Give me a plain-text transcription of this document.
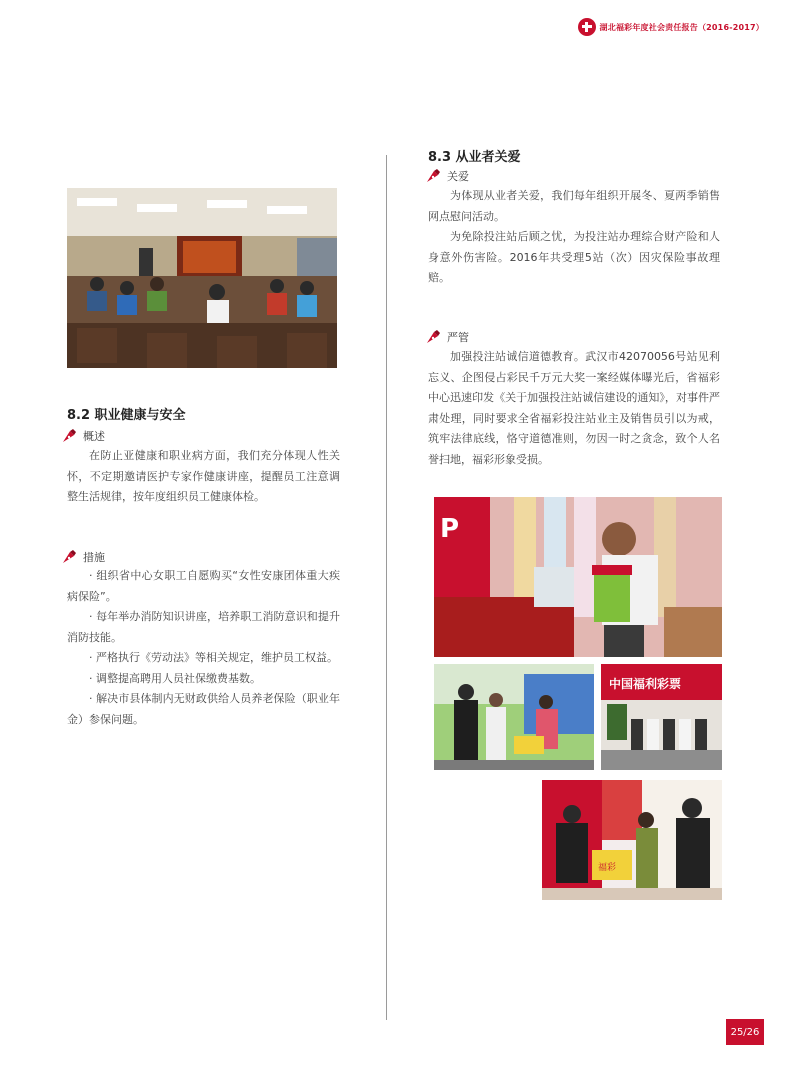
湖北福彩年度社会责任报告（2016-2017）
8.3 从业者关爱
关爱

为体现从业者关爱，我们每年组织开展冬、夏两季销售网点慰问活动。

为免除投注站后顾之忧，为投注站办理综合财产险和人身意外伤害险。2016年共受理5站（次）因灾保险事故理赔。

严管

加强投注站诚信道德教育。武汉市42070056号站见利忘义、企图侵占彩民千万元大奖一案经媒体曝光后，省福彩中心迅速印发《关于加强投注站诚信建设的通知》，对事件严肃处理，同时要求全省福彩投注站业主及销售员引以为戒，筑牢法律底线，恪守道德准则，勿因一时之贪念，致个人名誉扫地，福彩形象受损。

8.2 职业健康与安全
概述

在防止亚健康和职业病方面，我们充分体现人性关怀，不定期邀请医护专家作健康讲座，提醒员工注意调整生活规律，按年度组织员工健康体检。

措施

· 组织省中心女职工自愿购买“女性安康团体重大疾病保险”。

· 每年举办消防知识讲座，培养职工消防意识和提升消防技能。

· 严格执行《劳动法》等相关规定，维护员工权益。

· 调整提高聘用人员社保缴费基数。

· 解决市县体制内无财政供给人员养老保险（职业年金）参保问题。

P
中国福利彩票
福彩
25/26
